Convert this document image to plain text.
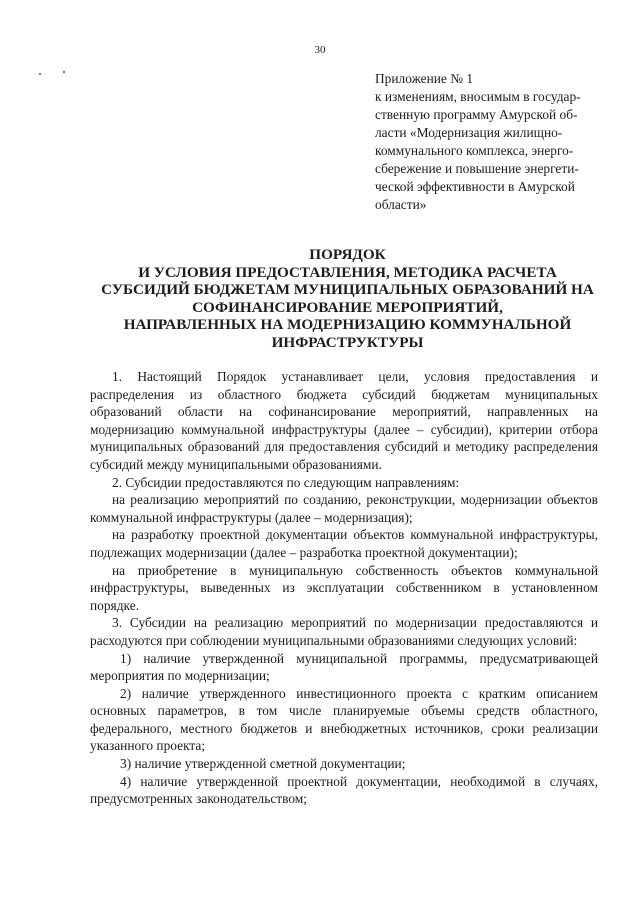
30
Приложение № 1
к изменениям, вносимым в государ-
ственную программу Амурской об-
ласти «Модернизация жилищно-
коммунального комплекса, энерго-
сбережение и повышение энергети-
ческой эффективности в Амурской
области»
ПОРЯДОК
И УСЛОВИЯ ПРЕДОСТАВЛЕНИЯ, МЕТОДИКА РАСЧЕТА
СУБСИДИЙ БЮДЖЕТАМ МУНИЦИПАЛЬНЫХ ОБРАЗОВАНИЙ НА
СОФИНАНСИРОВАНИЕ МЕРОПРИЯТИЙ,
НАПРАВЛЕННЫХ НА МОДЕРНИЗАЦИЮ КОММУНАЛЬНОЙ
ИНФРАСТРУКТУРЫ

1. Настоящий Порядок устанавливает цели, условия предоставления и распределения из областного бюджета субсидий бюджетам муниципальных образований области на софинансирование мероприятий, направленных на модернизацию коммунальной инфраструктуры (далее – субсидии), критерии отбора муниципальных образований для предоставления субсидий и методику распределения субсидий между муниципальными образованиями.

2. Субсидии предоставляются по следующим направлениям:

на реализацию мероприятий по созданию, реконструкции, модернизации объектов коммунальной инфраструктуры (далее – модернизация);

на разработку проектной документации объектов коммунальной инфраструктуры, подлежащих модернизации (далее – разработка проектной документации);

на приобретение в муниципальную собственность объектов коммунальной инфраструктуры, выведенных из эксплуатации собственником в установленном порядке.

3. Субсидии на реализацию мероприятий по модернизации предоставляются и расходуются при соблюдении муниципальными образованиями следующих условий:

1) наличие утвержденной муниципальной программы, предусматривающей мероприятия по модернизации;

2) наличие утвержденного инвестиционного проекта с кратким описанием основных параметров, в том числе планируемые объемы средств областного, федерального, местного бюджетов и внебюджетных источников, сроки реализации указанного проекта;

3) наличие утвержденной сметной документации;

4) наличие утвержденной проектной документации, необходимой в случаях, предусмотренных законодательством;
